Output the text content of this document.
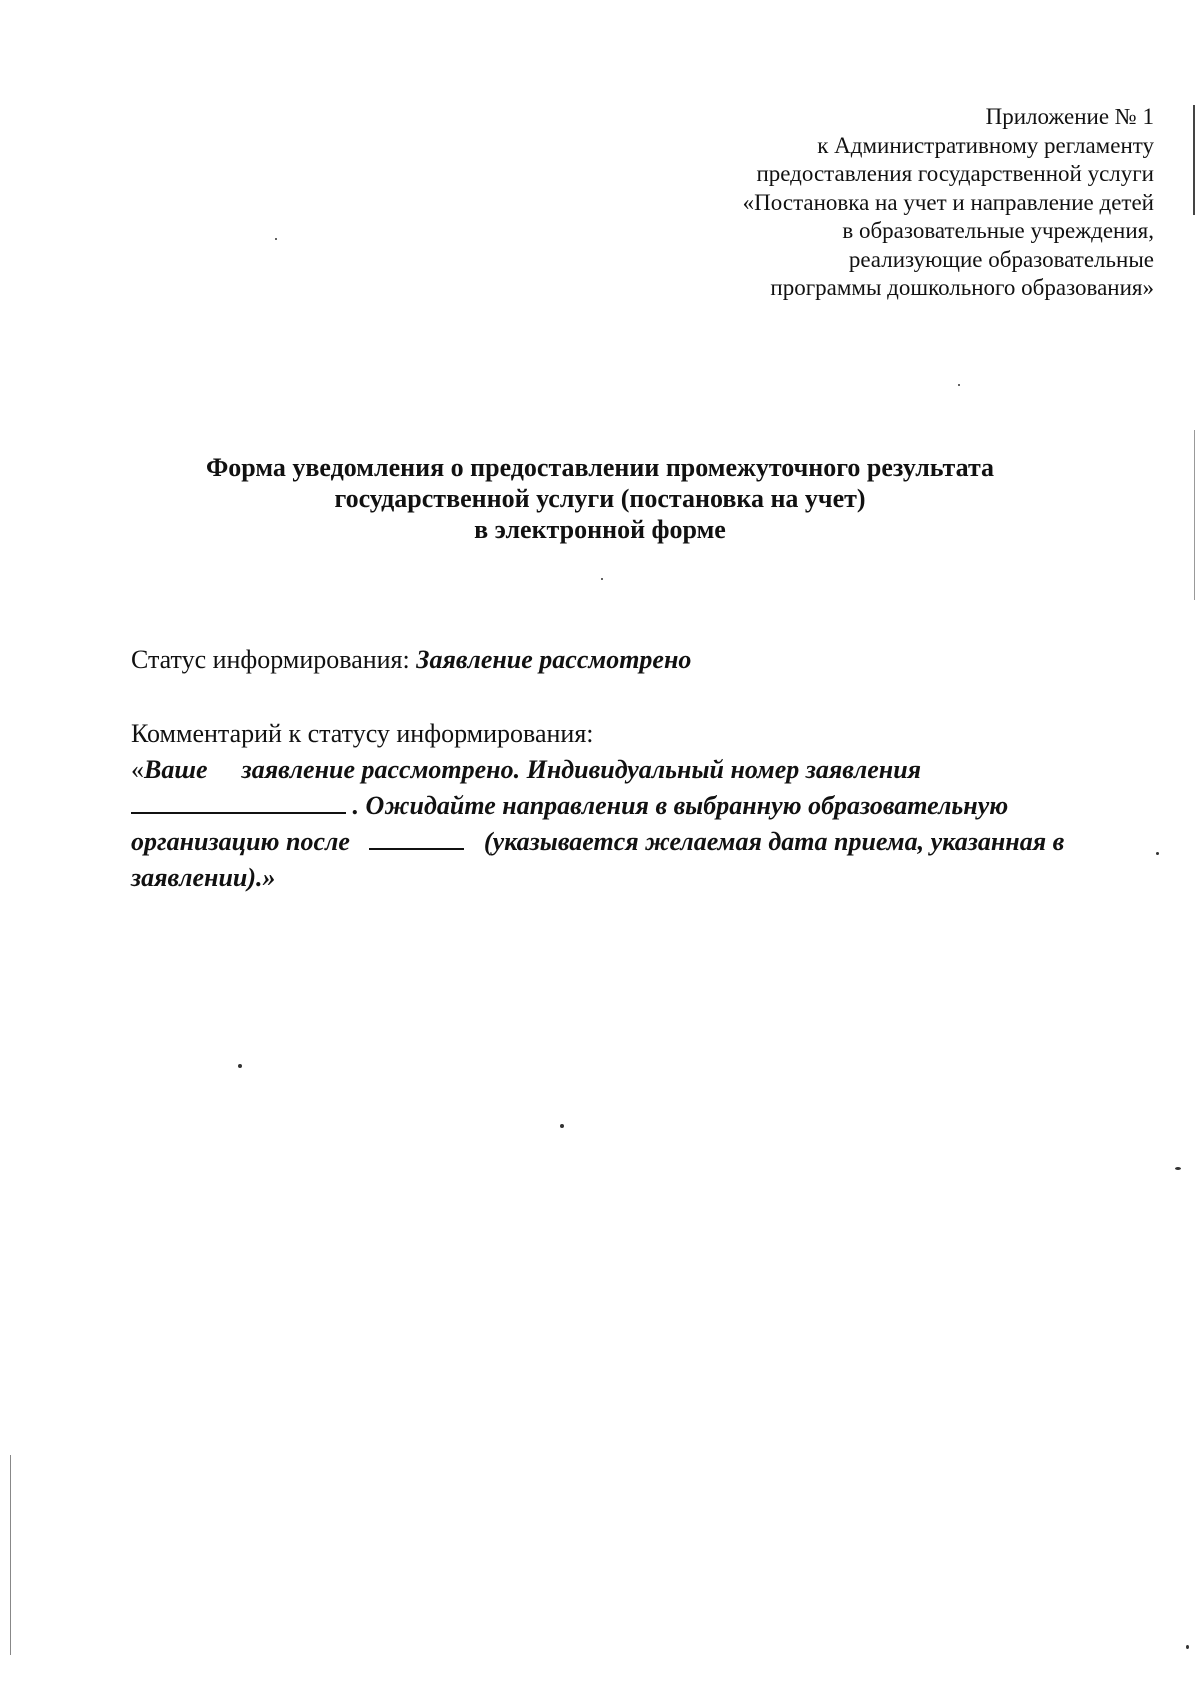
Приложение № 1
к Административному регламенту
предоставления государственной услуги
«Постановка на учет и направление детей
в образовательные учреждения,
реализующие образовательные
программы дошкольного образования»
Форма уведомления о предоставлении промежуточного результата
государственной услуги (постановка на учет)
в электронной форме
Статус информирования: Заявление рассмотрено
Комментарий к статусу информирования:
«Ваше заявление рассмотрено. Индивидуальный номер заявления
. Ожидайте направления в выбранную образовательную
организацию после	(указывается желаемая дата приема, указанная в
заявлении).»
